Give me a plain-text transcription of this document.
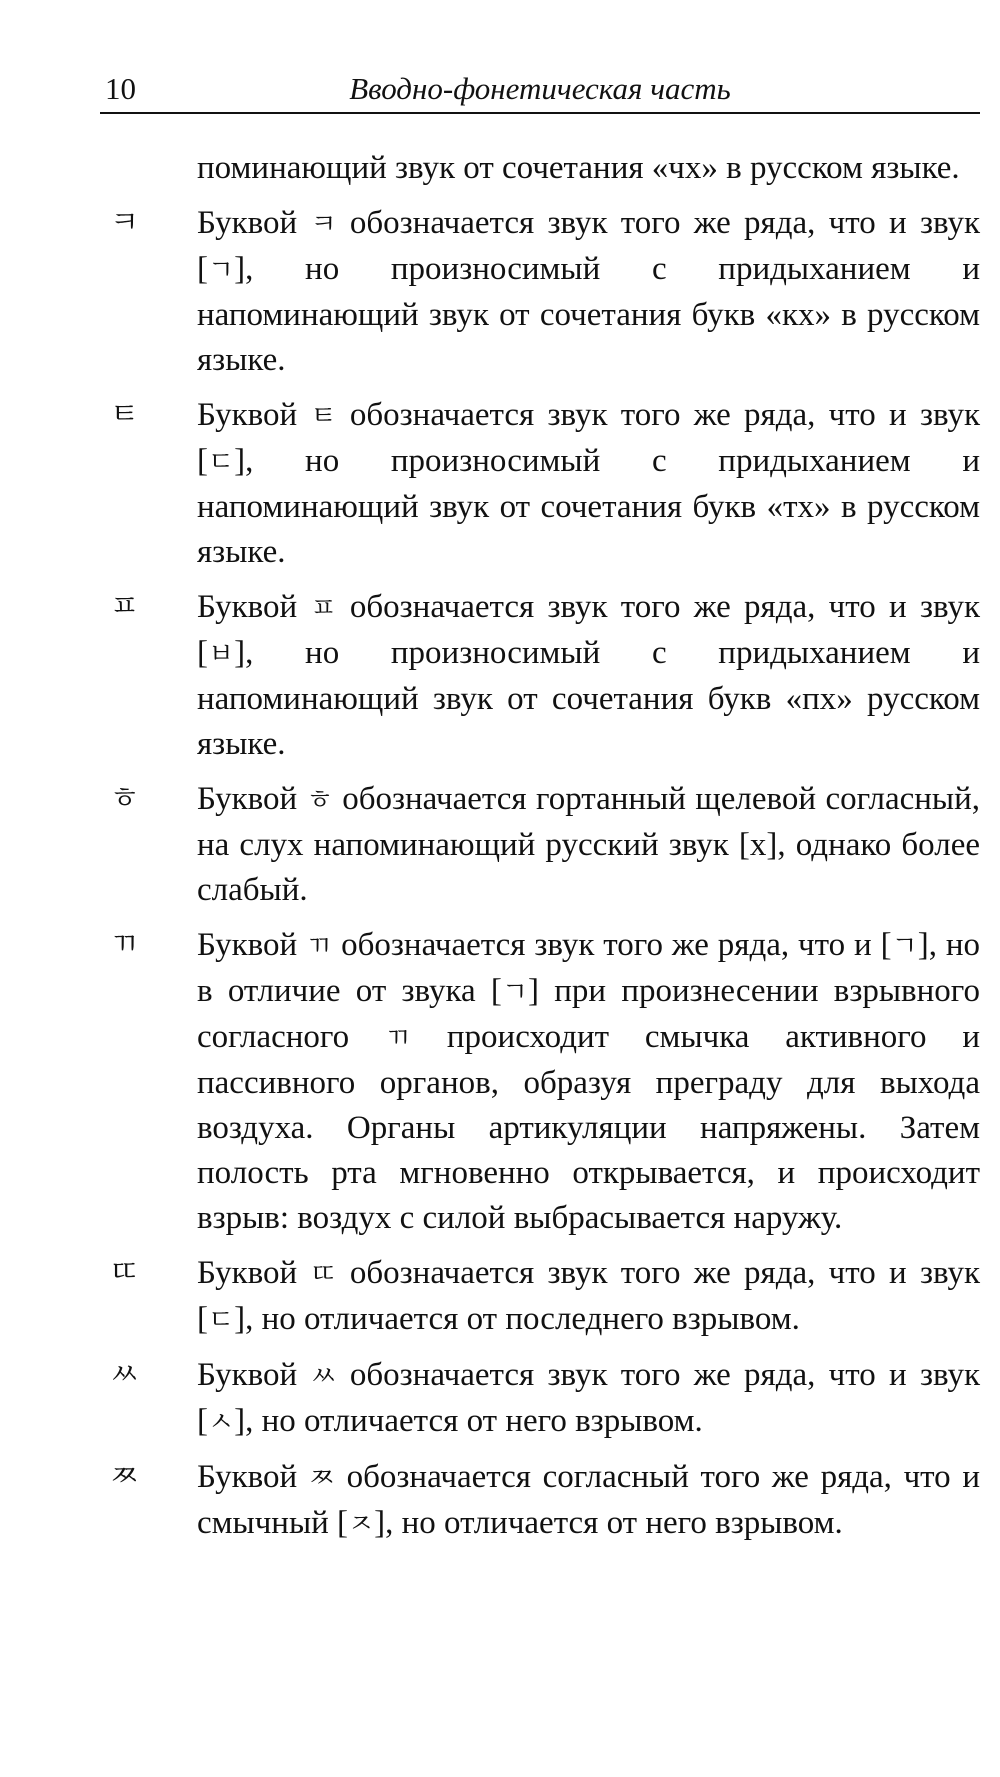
10	Вводно-фонетическая часть
поминающий звук от сочетания «чх» в русском языке.
ㅋ Буквой ㅋ обозначается звук того же ряда, что и звук [ㄱ], но произносимый с придыханием и напоминающий звук от сочетания букв «кх» в русском языке.
ㅌ Буквой ㅌ обозначается звук того же ряда, что и звук [ㄷ], но произносимый с придыханием и напоминающий звук от сочетания букв «тх» в русском языке.
ㅍ Буквой ㅍ обозначается звук того же ряда, что и звук [ㅂ], но произносимый с придыханием и напоминающий звук от сочетания букв «пх» русском языке.
ㅎ Буквой ㅎ обозначается гортанный щелевой согласный, на слух напоминающий русский звук [х], однако более слабый.
ㄲ Буквой ㄲ обозначается звук того же ряда, что и [ㄱ], но в отличие от звука [ㄱ] при произнесении взрывного согласного ㄲ происходит смычка активного и пассивного органов, образуя преграду для выхода воздуха. Органы артикуляции напряжены. Затем полость рта мгновенно открывается, и происходит взрыв: воздух с силой выбрасывается наружу.
ㄸ Буквой ㄸ обозначается звук того же ряда, что и звук [ㄷ], но отличается от последнего взрывом.
ㅆ Буквой ㅆ обозначается звук того же ряда, что и звук [ㅅ], но отличается от него взрывом.
ㅉ Буквой ㅉ обозначается согласный того же ряда, что и смычный [ㅈ], но отличается от него взрывом.
